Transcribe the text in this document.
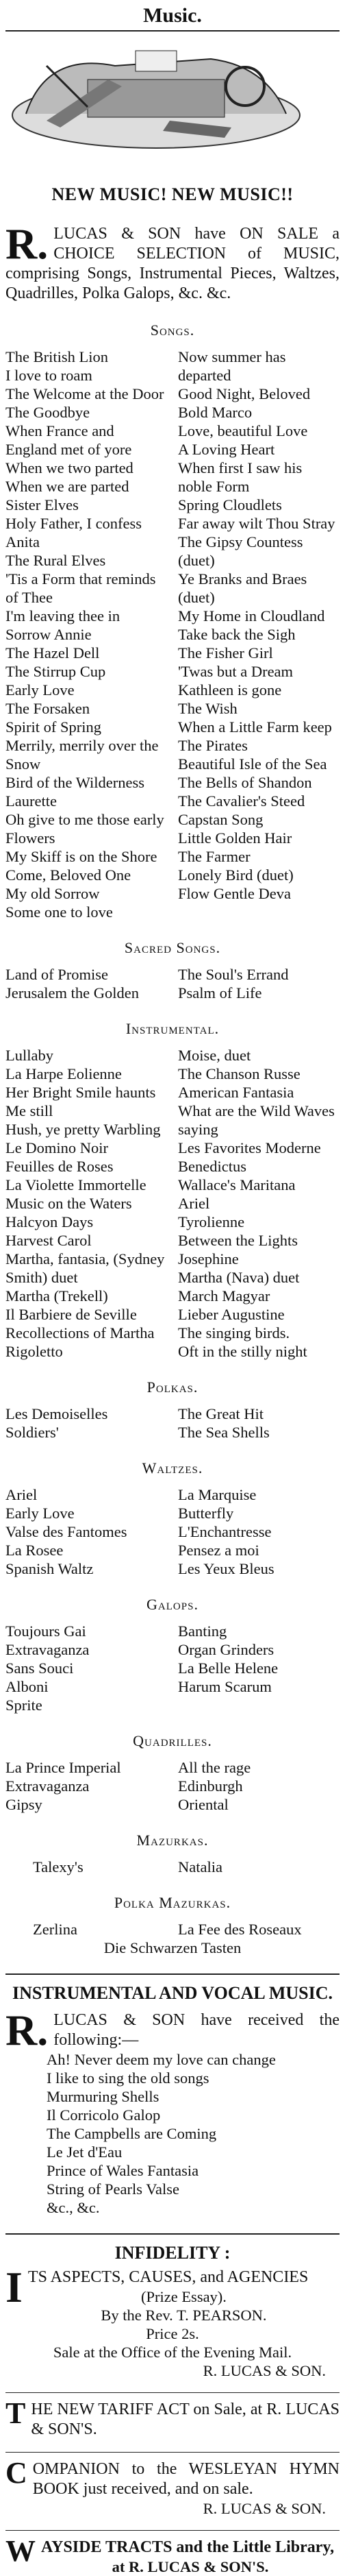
Music.
NEW MUSIC! NEW MUSIC!!

R. LUCAS & SON have ON SALE a CHOICE SELECTION of MUSIC, comprising Songs, Instrumental Pieces, Waltzes, Quadrilles, Polka Galops, &c. &c.

Songs.
The British Lion
I love to roam
The Welcome at the Door
The Goodbye
When France and England met of yore
When we two parted
When we are parted
Sister Elves
Holy Father, I confess
Anita
The Rural Elves
'Tis a Form that reminds of Thee
I'm leaving thee in Sorrow Annie
The Hazel Dell
The Stirrup Cup
Early Love
The Forsaken
Spirit of Spring
Merrily, merrily over the Snow
Bird of the Wilderness
Laurette
Oh give to me those early Flowers
My Skiff is on the Shore
Come, Beloved One
My old Sorrow
Some one to love
Now summer has departed
Good Night, Beloved
Bold Marco
Love, beautiful Love
A Loving Heart
When first I saw his noble Form
Spring Cloudlets
Far away wilt Thou Stray
The Gipsy Countess (duet)
Ye Branks and Braes (duet)
My Home in Cloudland
Take back the Sigh
The Fisher Girl
'Twas but a Dream
Kathleen is gone
The Wish
When a Little Farm keep
The Pirates
Beautiful Isle of the Sea
The Bells of Shandon
The Cavalier's Steed
Capstan Song
Little Golden Hair
The Farmer
Lonely Bird (duet)
Flow Gentle Deva
Sacred Songs.
Land of Promise
Jerusalem the Golden
The Soul's Errand
Psalm of Life
Instrumental.
Lullaby
La Harpe Eolienne
Her Bright Smile haunts Me still
Hush, ye pretty Warbling
Le Domino Noir
Feuilles de Roses
La Violette Immortelle
Music on the Waters
Halcyon Days
Harvest Carol
Martha, fantasia, (Sydney Smith) duet
Martha (Trekell)
Il Barbiere de Seville
Recollections of Martha
Rigoletto
Moise, duet
The Chanson Russe
American Fantasia
What are the Wild Waves saying
Les Favorites Moderne
Benedictus
Wallace's Maritana
Ariel
Tyrolienne
Between the Lights
Josephine
Martha (Nava) duet
March Magyar
Lieber Augustine
The singing birds.
Oft in the stilly night
Polkas.
Les Demoiselles
Soldiers'
The Great Hit
The Sea Shells
Waltzes.
Ariel
Early Love
Valse des Fantomes
La Rosee
Spanish Waltz
La Marquise
Butterfly
L'Enchantresse
Pensez a moi
Les Yeux Bleus
Galops.
Toujours Gai
Extravaganza
Sans Souci
Alboni
Sprite
Banting
Organ Grinders
La Belle Helene
Harum Scarum
Quadrilles.
La Prince Imperial
Extravaganza
Gipsy
All the rage
Edinburgh
Oriental
Mazurkas.
Talexy's	Natalia
Polka Mazurkas.
Zerlina	La Fee des Roseaux
Die Schwarzen Tasten
INSTRUMENTAL AND VOCAL MUSIC.

R. LUCAS & SON have received the following:—

Ah! Never deem my love can change
I like to sing the old songs
Murmuring Shells
Il Corricolo Galop
The Campbells are Coming
Le Jet d'Eau
Prince of Wales Fantasia
String of Pearls Valse
&c., &c.
INFIDELITY :

ITS ASPECTS, CAUSES, and AGENCIES

(Prize Essay).
By the Rev. T. PEARSON.
Price 2s.
Sale at the Office of the Evening Mail.
R. LUCAS & SON.

THE NEW TARIFF ACT on Sale, at R. LUCAS & SON'S.

COMPANION to the WESLEYAN HYMN BOOK just received, and on sale.

R. LUCAS & SON.

WAYSIDE TRACTS and the Little Library,

at R. LUCAS & SON'S.
